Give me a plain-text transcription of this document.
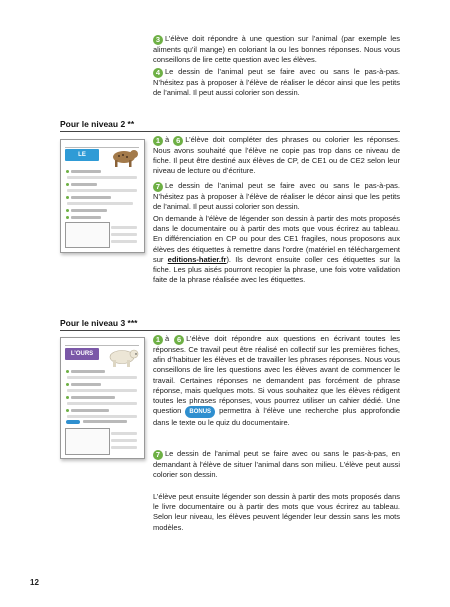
3 L’élève doit répondre à une question sur l’animal (par exemple les aliments qu’il mange) en coloriant la ou les bonnes réponses. Nous vous conseillons de lire cette question avec les élèves.

4 Le dessin de l’animal peut se faire avec ou sans le pas-à-pas. N’hésitez pas à proposer à l’élève de réaliser le décor ainsi que les petits de l’animal. Il peut aussi colorier son dessin.

Pour le niveau 2 **
LE JAGUAR

1 à 6 L’élève doit compléter des phrases ou colorier les réponses. Nous avons souhaité que l’élève ne copie pas trop dans ce niveau de fiche. Il peut être destiné aux élèves de CP, de CE1 ou de CE2 selon leur niveau de lecture ou d’écriture.

7 Le dessin de l’animal peut se faire avec ou sans le pas-à-pas. N’hésitez pas à proposer à l’élève de réaliser le décor ainsi que les petits de l’animal. Il peut aussi colorier son dessin.

On demande à l’élève de légender son dessin à partir des mots proposés dans le documentaire ou à partir des mots que vous écrirez au tableau. En différenciation en CP ou pour des CE1 fragiles, nous proposons aux élèves des étiquettes à remettre dans l’ordre (matériel en téléchargement sur editions-hatier.fr). Ils devront ensuite coller ces étiquettes sur la fiche. Les plus aisés pourront recopier la phrase, une fois votre validation faite de la phrase réalisée avec les étiquettes.

Pour le niveau 3 ***
L’OURS BLANC

1 à 6 L’élève doit répondre aux questions en écrivant toutes les réponses. Ce travail peut être réalisé en collectif sur les premières fiches, afin d’habituer les élèves et de travailler les phrases réponses. Nous vous conseillons de lire les questions avec les élèves avant de commencer le travail. Certaines réponses ne demandent pas forcément de phrase réponse, mais quelques mots. Si vous souhaitez que les élèves rédigent toutes les phrases réponses, vous pourrez utiliser un cahier dédié. Une question BONUS permettra à l’élève une recherche plus approfondie dans le texte ou le quiz du documentaire.

7 Le dessin de l’animal peut se faire avec ou sans le pas-à-pas, en demandant à l’élève de situer l’animal dans son milieu. L’élève peut aussi colorier son dessin.

L’élève peut ensuite légender son dessin à partir des mots proposés dans le livre documentaire ou à partir des mots que vous écrirez au tableau. Selon leur niveau, les élèves peuvent légender leur dessin sans les mots modèles.

12
